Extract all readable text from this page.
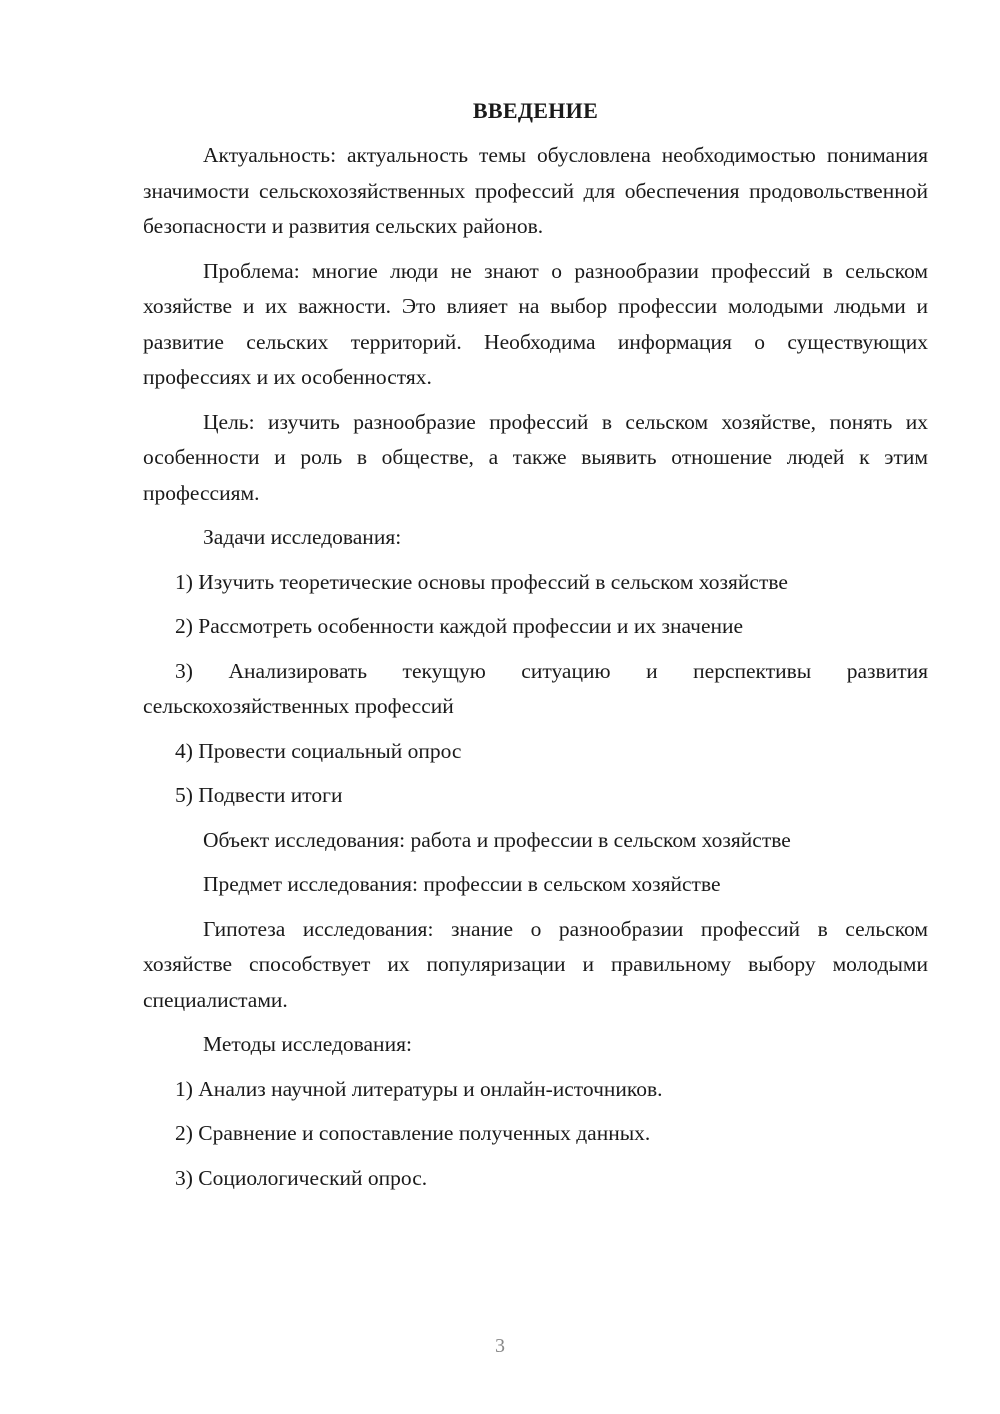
ВВЕДЕНИЕ

Актуальность: актуальность темы обусловлена необходимостью понимания значимости сельскохозяйственных профессий для обеспечения продовольственной безопасности и развития сельских районов.

Проблема: многие люди не знают о разнообразии профессий в сельском хозяйстве и их важности. Это влияет на выбор профессии молодыми людьми и развитие сельских территорий. Необходима информация о существующих профессиях и их особенностях.

Цель: изучить разнообразие профессий в сельском хозяйстве, понять их особенности и роль в обществе, а также выявить отношение людей к этим профессиям.

Задачи исследования:

1) Изучить теоретические основы профессий в сельском хозяйстве

2) Рассмотреть особенности каждой профессии и их значение

3) Анализировать текущую ситуацию и перспективы развития сельскохозяйственных профессий

4) Провести социальный опрос

5) Подвести итоги

Объект исследования: работа и профессии в сельском хозяйстве

Предмет исследования: профессии в сельском хозяйстве

Гипотеза исследования: знание о разнообразии профессий в сельском хозяйстве способствует их популяризации и правильному выбору молодыми специалистами.

Методы исследования:

1) Анализ научной литературы и онлайн-источников.

2) Сравнение и сопоставление полученных данных.

3) Социологический опрос.

3
